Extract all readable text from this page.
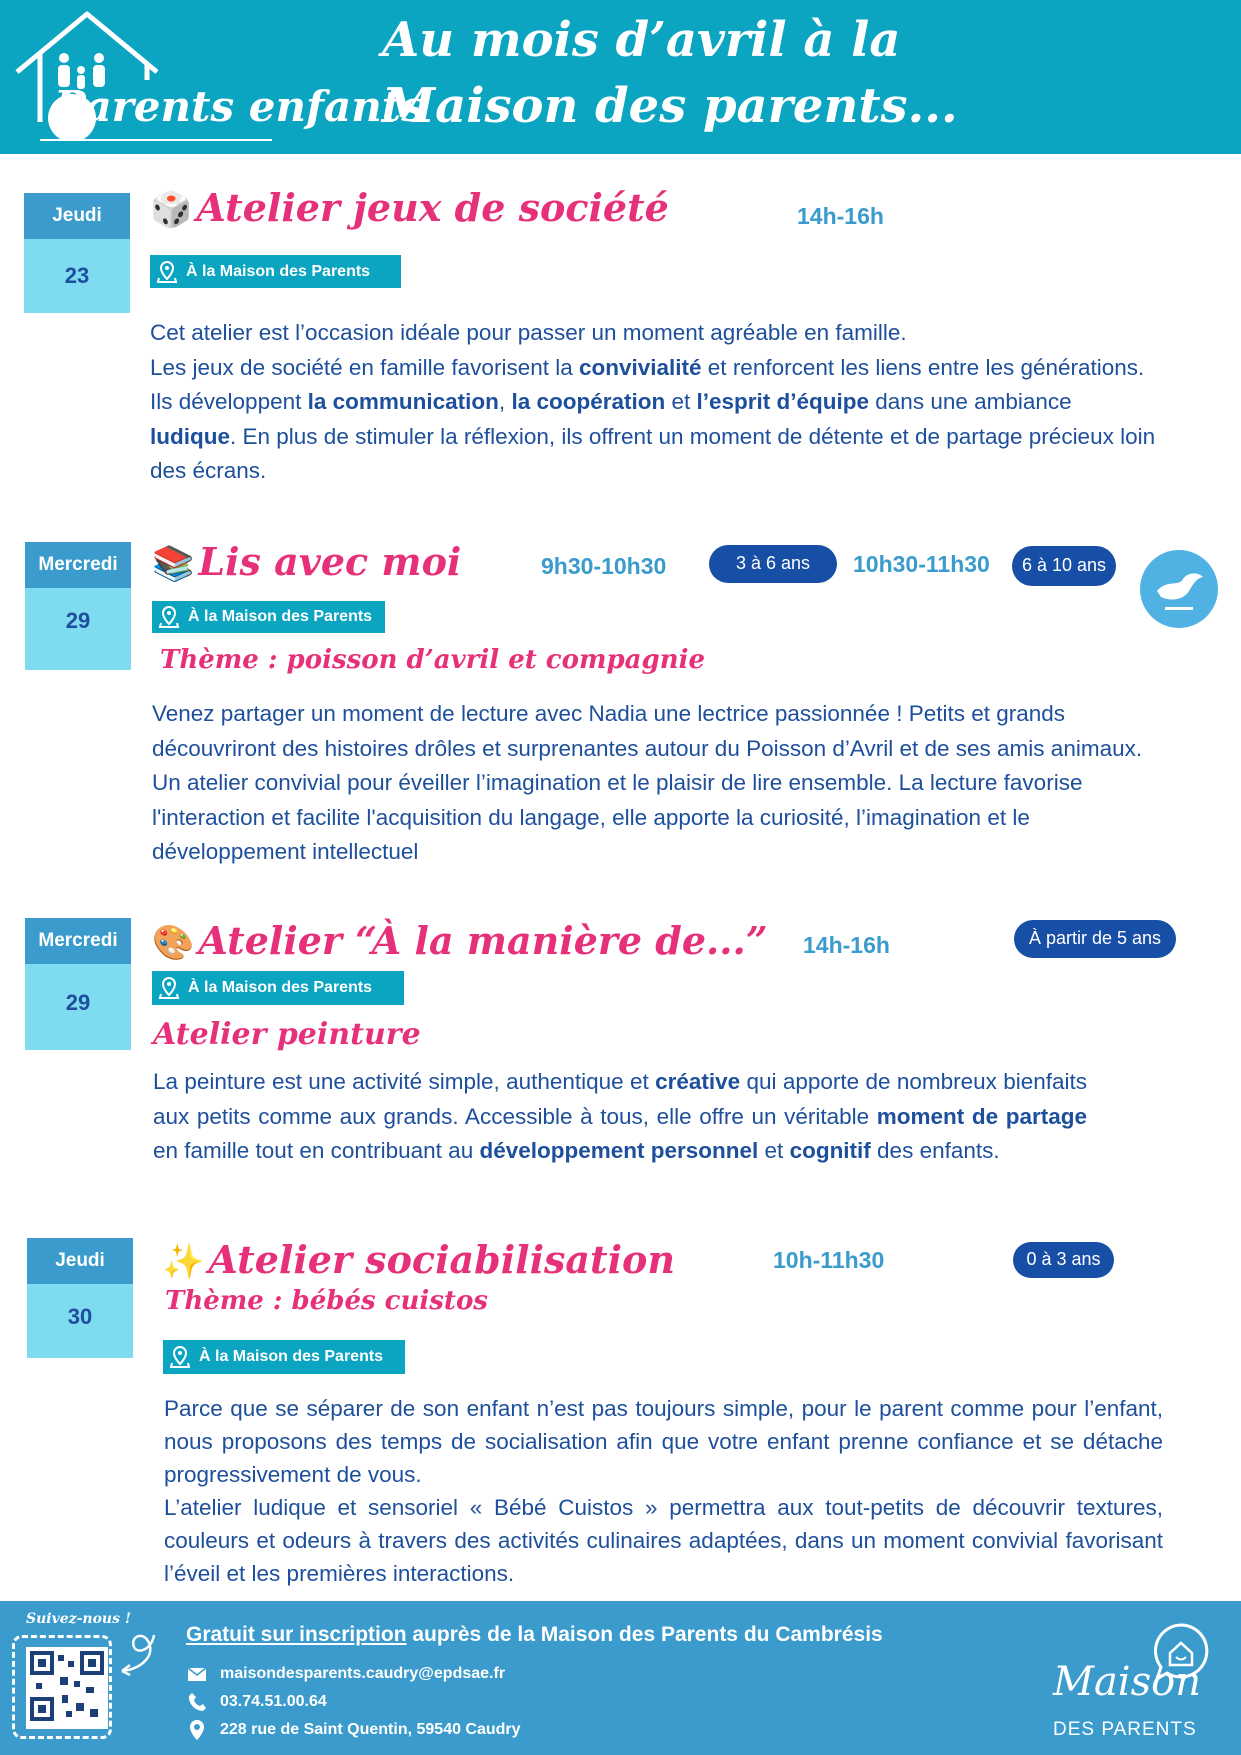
Parents enfants
Au mois d’avril à la
Maison des parents...
Jeudi
23
🎲 Atelier jeux de société	14h-16h
À la Maison des Parents
Cet atelier est l’occasion idéale pour passer un moment agréable en famille.
Les jeux de société en famille favorisent la convivialité et renforcent les liens entre les générations. Ils développent la communication, la coopération et l’esprit d’équipe dans une ambiance ludique. En plus de stimuler la réflexion, ils offrent un moment de détente et de partage précieux loin des écrans.
Mercredi
29
📚 Lis avec moi	9h30-10h30	3 à 6 ans	10h30-11h30	6 à 10 ans
À la Maison des Parents
Thème : poisson d’avril et compagnie
Venez partager un moment de lecture avec Nadia une lectrice passionnée ! Petits et grands découvriront des histoires drôles et surprenantes autour du Poisson d’Avril et de ses amis animaux. Un atelier convivial pour éveiller l’imagination et le plaisir de lire ensemble. La lecture favorise l'interaction et facilite l'acquisition du langage, elle apporte la curiosité, l’imagination et le développement intellectuel
Mercredi
29
🎨 Atelier “À la manière de...” 14h-16h	À partir de 5 ans
À la Maison des Parents
Atelier peinture
La peinture est une activité simple, authentique et créative qui apporte de nombreux bienfaits aux petits comme aux grands. Accessible à tous, elle offre un véritable moment de partage en famille tout en contribuant au développement personnel et cognitif des enfants.
Jeudi
30
✨ Atelier sociabilisation	10h-11h30	0 à 3 ans
Thème : bébés cuistos
À la Maison des Parents
Parce que se séparer de son enfant n’est pas toujours simple, pour le parent comme pour l’enfant, nous proposons des temps de socialisation afin que votre enfant prenne confiance et se détache progressivement de vous.
L’atelier ludique et sensoriel « Bébé Cuistos » permettra aux tout-petits de découvrir textures, couleurs et odeurs à travers des activités culinaires adaptées, dans un moment convivial favorisant l’éveil et les premières interactions.
Suivez-nous !
Gratuit sur inscription auprès de la Maison des Parents du Cambrésis
maisondesparents.caudry@epdsae.fr
03.74.51.00.64
228 rue de Saint Quentin, 59540 Caudry
Maison
DES PARENTS
